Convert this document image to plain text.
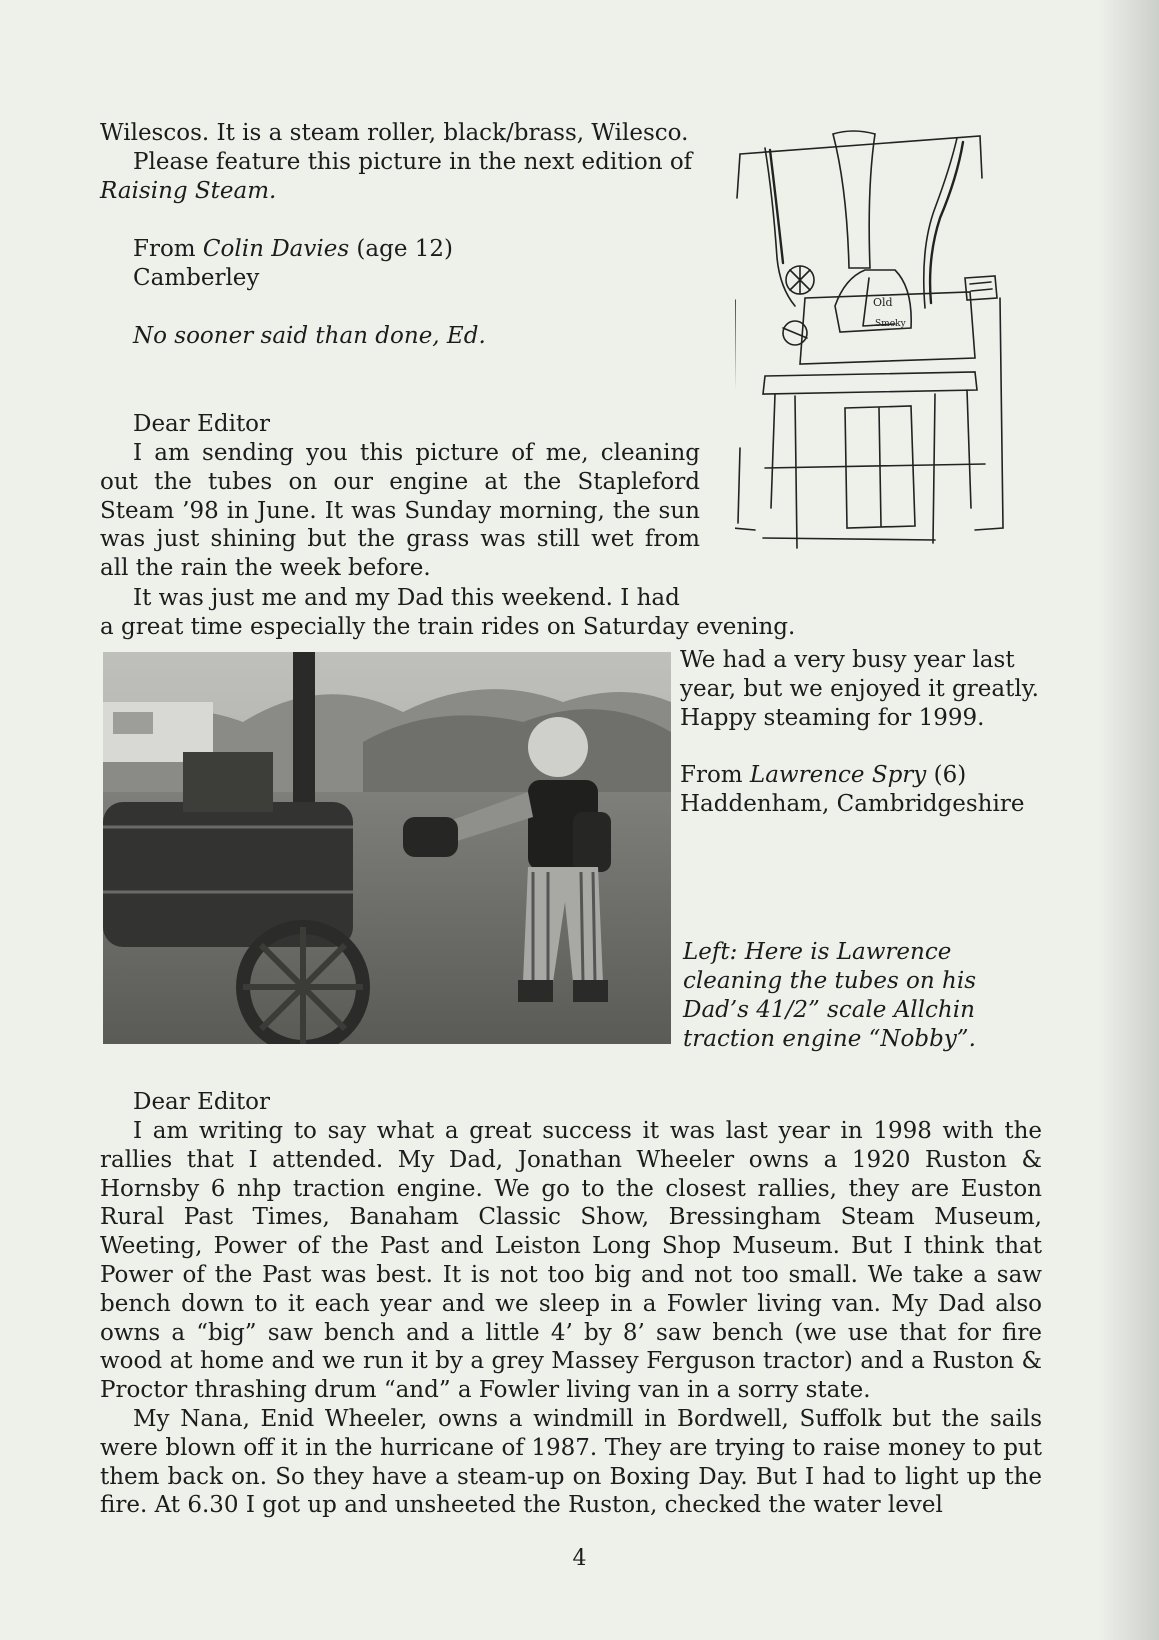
Wilescos. It is a steam roller, black/brass, Wilesco.

Please feature this picture in the next edition of

Raising Steam.

From Colin Davies (age 12)

Camberley

No sooner said than done, Ed.

Dear Editor

I am sending you this picture of me, cleaning out the tubes on our engine at the Stapleford Steam ’98 in June. It was Sunday morning, the sun was just shining but the grass was still wet from all the rain the week before.

It was just me and my Dad this weekend. I had

a great time especially the train rides on Saturday evening.

We had a very busy year last year, but we enjoyed it greatly. Happy steaming for 1999.

From Lawrence Spry (6)

Haddenham, Cambridgeshire

Left: Here is Lawrence cleaning the tubes on his Dad’s 41/2” scale Allchin traction engine “Nobby”.

Old
Smoky

Dear Editor

I am writing to say what a great success it was last year in 1998 with the rallies that I attended. My Dad, Jonathan Wheeler owns a 1920 Ruston & Hornsby 6 nhp traction engine. We go to the closest rallies, they are Euston Rural Past Times, Banaham Classic Show, Bressingham Steam Museum, Weeting, Power of the Past and Leiston Long Shop Museum. But I think that Power of the Past was best. It is not too big and not too small. We take a saw bench down to it each year and we sleep in a Fowler living van. My Dad also owns a “big” saw bench and a little 4’ by 8’ saw bench (we use that for fire wood at home and we run it by a grey Massey Ferguson tractor) and a Ruston & Proctor thrashing drum “and” a Fowler living van in a sorry state.

My Nana, Enid Wheeler, owns a windmill in Bordwell, Suffolk but the sails were blown off it in the hurricane of 1987. They are trying to raise money to put them back on. So they have a steam-up on Boxing Day. But I had to light up the fire. At 6.30 I got up and unsheeted the Ruston, checked the water level

4
